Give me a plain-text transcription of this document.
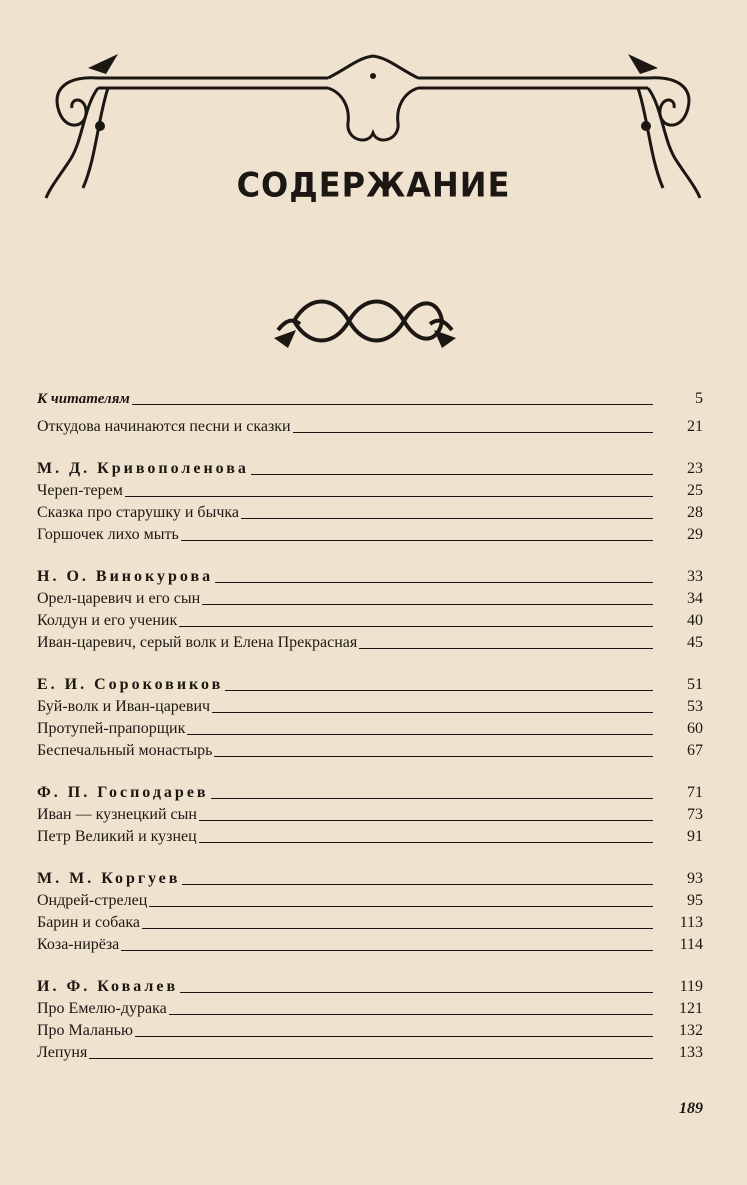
СОДЕРЖАНИЕ
К читателям	5
Откудова начинаются песни и сказки	21
М. Д. Кривополенова	23
Череп-терем	25
Сказка про старушку и бычка	28
Горшочек лихо мыть	29
Н. О. Винокурова	33
Орел-царевич и его сын	34
Колдун и его ученик	40
Иван-царевич, серый волк и Елена Прекрасная	45
Е. И. Сороковиков	51
Буй-волк и Иван-царевич	53
Протупей-прапорщик	60
Беспечальный монастырь	67
Ф. П. Господарев	71
Иван — кузнецкий сын	73
Петр Великий и кузнец	91
М. М. Коргуев	93
Ондрей-стрелец	95
Барин и собака	113
Коза-нирёза	114
И. Ф. Ковалев	119
Про Емелю-дурака	121
Про Маланью	132
Лепуня	133
189
